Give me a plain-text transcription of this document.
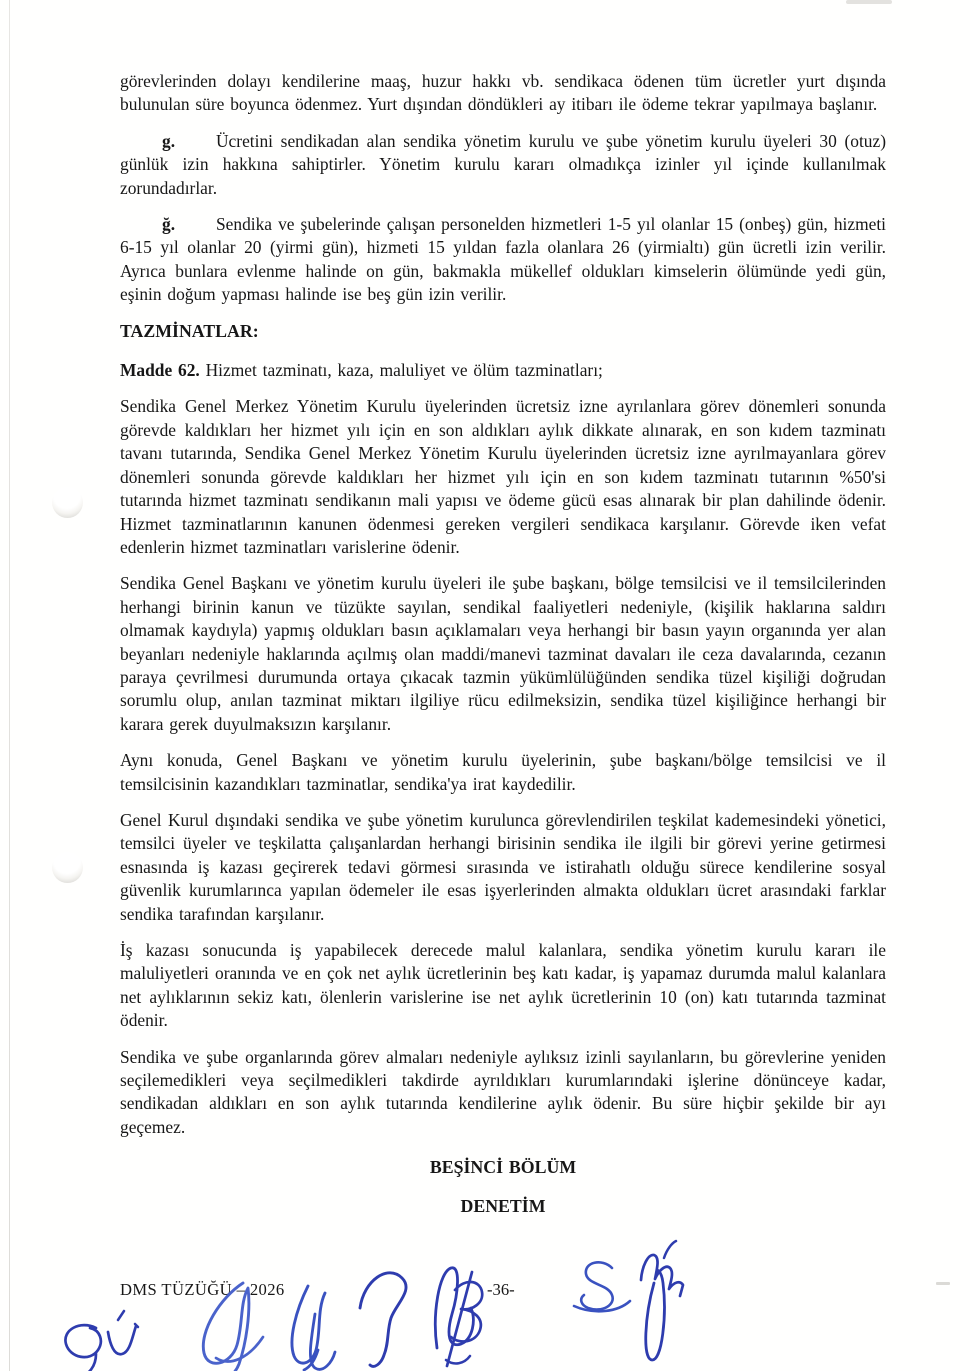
görevlerinden dolayı kendilerine maaş, huzur hakkı vb. sendikaca ödenen tüm ücretler yurt dışında bulunulan süre boyunca ödenmez. Yurt dışından döndükleri ay itibarı ile ödeme tekrar yapılmaya başlanır.

g. Ücretini sendikadan alan sendika yönetim kurulu ve şube yönetim kurulu üyeleri 30 (otuz) günlük izin hakkına sahiptirler. Yönetim kurulu kararı olmadıkça izinler yıl içinde kullanılmak zorundadırlar.

ğ. Sendika ve şubelerinde çalışan personelden hizmetleri 1-5 yıl olanlar 15 (onbeş) gün, hizmeti 6-15 yıl olanlar 20 (yirmi gün), hizmeti 15 yıldan fazla olanlara 26 (yirmialtı) gün ücretli izin verilir. Ayrıca bunlara evlenme halinde on gün, bakmakla mükellef oldukları kimselerin ölümünde yedi gün, eşinin doğum yapması halinde ise beş gün izin verilir.

TAZMİNATLAR:

Madde 62. Hizmet tazminatı, kaza, maluliyet ve ölüm tazminatları;

Sendika Genel Merkez Yönetim Kurulu üyelerinden ücretsiz izne ayrılanlara görev dönemleri sonunda görevde kaldıkları her hizmet yılı için en son aldıkları aylık dikkate alınarak, en son kıdem tazminatı tavanı tutarında, Sendika Genel Merkez Yönetim Kurulu üyelerinden ücretsiz izne ayrılmayanlara görev dönemleri sonunda görevde kaldıkları her hizmet yılı için en son kıdem tazminatı tutarının %50'si tutarında hizmet tazminatı sendikanın mali yapısı ve ödeme gücü esas alınarak bir plan dahilinde ödenir. Hizmet tazminatlarının kanunen ödenmesi gereken vergileri sendikaca karşılanır. Görevde iken vefat edenlerin hizmet tazminatları varislerine ödenir.

Sendika Genel Başkanı ve yönetim kurulu üyeleri ile şube başkanı, bölge temsilcisi ve il temsilcilerinden herhangi birinin kanun ve tüzükte sayılan, sendikal faaliyetleri nedeniyle, (kişilik haklarına saldırı olmamak kaydıyla) yapmış oldukları basın açıklamaları veya herhangi bir basın yayın organında yer alan beyanları nedeniyle haklarında açılmış olan maddi/manevi tazminat davaları ile ceza davalarında, cezanın paraya çevrilmesi durumunda ortaya çıkacak tazmin yükümlülüğünden sendika tüzel kişiliği doğrudan sorumlu olup, anılan tazminat miktarı ilgiliye rücu edilmeksizin, sendika tüzel kişiliğince herhangi bir karara gerek duyulmaksızın karşılanır.

Aynı konuda, Genel Başkanı ve yönetim kurulu üyelerinin, şube başkanı/bölge temsilcisi ve il temsilcisinin kazandıkları tazminatlar, sendika'ya irat kaydedilir.

Genel Kurul dışındaki sendika ve şube yönetim kurulunca görevlendirilen teşkilat kademesindeki yönetici, temsilci üyeler ve teşkilatta çalışanlardan herhangi birisinin sendika ile ilgili bir görevi yerine getirmesi esnasında iş kazası geçirerek tedavi görmesi sırasında ve istirahatlı olduğu sürece kendilerine sosyal güvenlik kurumlarınca yapılan ödemeler ile esas işyerlerinden almakta oldukları ücret arasındaki farklar sendika tarafından karşılanır.

İş kazası sonucunda iş yapabilecek derecede malul kalanlara, sendika yönetim kurulu kararı ile maluliyetleri oranında ve en çok net aylık ücretlerinin beş katı kadar, iş yapamaz durumda malul kalanlara net aylıklarının sekiz katı, ölenlerin varislerine ise net aylık ücretlerinin 10 (on) katı tutarında tazminat ödenir.

Sendika ve şube organlarında görev almaları nedeniyle aylıksız izinli sayılanların, bu görevlerine yeniden seçilemedikleri veya seçilmedikleri takdirde ayrıldıkları kurumlarındaki işlerine dönünceye kadar, sendikadan aldıkları en son aylık tutarında kendilerine aylık ödenir. Bu süre hiçbir şekilde bir ayı geçemez.

BEŞİNCİ BÖLÜM
DENETİM
DMS TÜZÜĞÜ – 2026	-36-
